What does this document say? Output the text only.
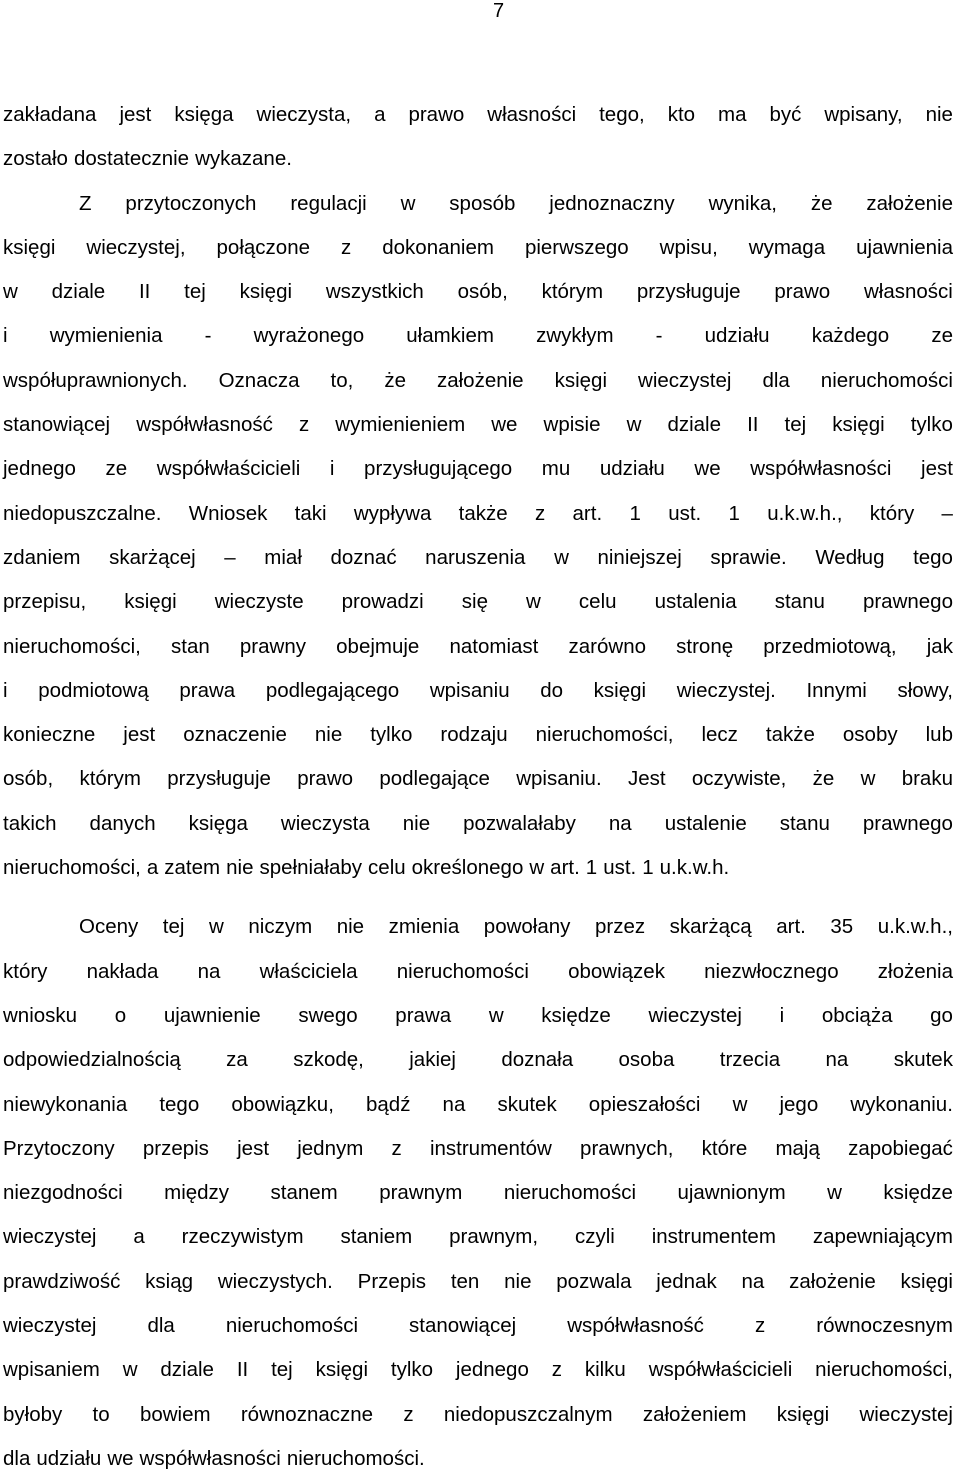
7
zakładana jest księga wieczysta, a prawo własności tego, kto ma być wpisany, nie
zostało dostatecznie wykazane.
Z przytoczonych regulacji w sposób jednoznaczny wynika, że założenie
księgi wieczystej, połączone z dokonaniem pierwszego wpisu, wymaga ujawnienia
w dziale II tej księgi wszystkich osób, którym przysługuje prawo własności
i wymienienia - wyrażonego ułamkiem zwykłym - udziału każdego ze
współuprawnionych. Oznacza to, że założenie księgi wieczystej dla nieruchomości
stanowiącej współwłasność z wymienieniem we wpisie w dziale II tej księgi tylko
jednego ze współwłaścicieli i przysługującego mu udziału we współwłasności jest
niedopuszczalne. Wniosek taki wypływa także z art. 1 ust. 1 u.k.w.h., który –
zdaniem skarżącej – miał doznać naruszenia w niniejszej sprawie. Według tego
przepisu, księgi wieczyste prowadzi się w celu ustalenia stanu prawnego
nieruchomości, stan prawny obejmuje natomiast zarówno stronę przedmiotową, jak
i podmiotową prawa podlegającego wpisaniu do księgi wieczystej. Innymi słowy,
konieczne jest oznaczenie nie tylko rodzaju nieruchomości, lecz także osoby lub
osób, którym przysługuje prawo podlegające wpisaniu. Jest oczywiste, że w braku
takich danych księga wieczysta nie pozwalałaby na ustalenie stanu prawnego
nieruchomości, a zatem nie spełniałaby celu określonego w art. 1 ust. 1 u.k.w.h.
Oceny tej w niczym nie zmienia powołany przez skarżącą art. 35 u.k.w.h.,
który nakłada na właściciela nieruchomości obowiązek niezwłocznego złożenia
wniosku o ujawnienie swego prawa w księdze wieczystej i obciąża go
odpowiedzialnością za szkodę, jakiej doznała osoba trzecia na skutek
niewykonania tego obowiązku, bądź na skutek opieszałości w jego wykonaniu.
Przytoczony przepis jest jednym z instrumentów prawnych, które mają zapobiegać
niezgodności między stanem prawnym nieruchomości ujawnionym w księdze
wieczystej a rzeczywistym staniem prawnym, czyli instrumentem zapewniającym
prawdziwość ksiąg wieczystych. Przepis ten nie pozwala jednak na założenie księgi
wieczystej dla nieruchomości stanowiącej współwłasność z równoczesnym
wpisaniem w dziale II tej księgi tylko jednego z kilku współwłaścicieli nieruchomości,
byłoby to bowiem równoznaczne z niedopuszczalnym założeniem księgi wieczystej
dla udziału we współwłasności nieruchomości.
